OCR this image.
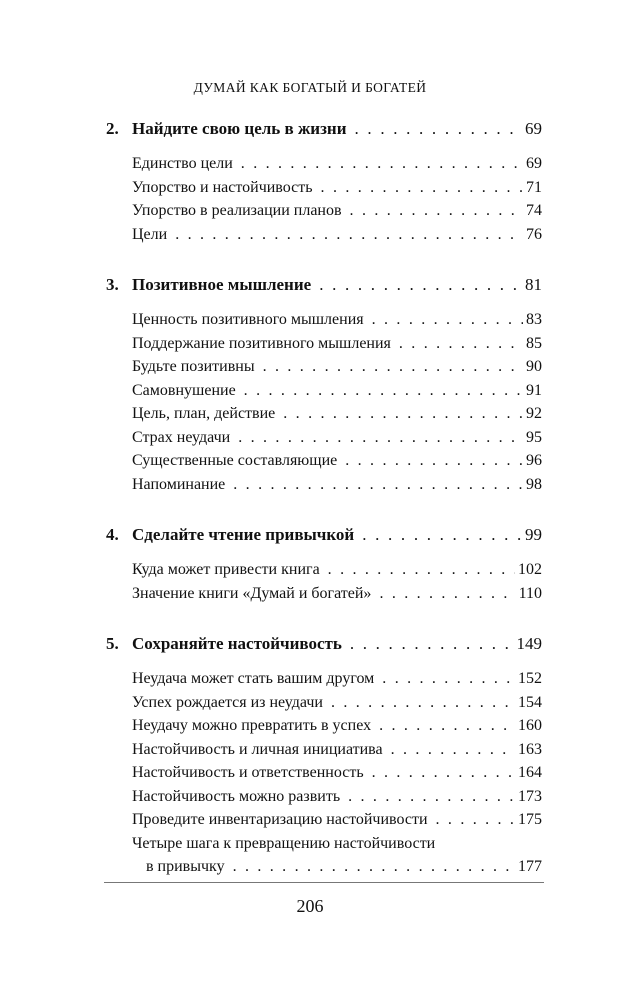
ДУМАЙ КАК БОГАТЫЙ И БОГАТЕЙ
2. Найдите свою цель в жизни . . .	69
Единство цели . . .	69
Упорство и настойчивость . . .	71
Упорство в реализации планов . . .	74
Цели . . .	76
3. Позитивное мышление . . .	81
Ценность позитивного мышления . . .	83
Поддержание позитивного мышления . . .	85
Будьте позитивны . . .	90
Самовнушение . . .	91
Цель, план, действие . . .	92
Страх неудачи . . .	95
Существенные составляющие . . .	96
Напоминание . . .	98
4. Сделайте чтение привычкой . . .	99
Куда может привести книга . . .	102
Значение книги «Думай и богатей» . . .	110
5. Сохраняйте настойчивость . . .	149
Неудача может стать вашим другом . . .	152
Успех рождается из неудачи . . .	154
Неудачу можно превратить в успех . . .	160
Настойчивость и личная инициатива . . .	163
Настойчивость и ответственность . . .	164
Настойчивость можно развить . . .	173
Проведите инвентаризацию настойчивости . . .	175
Четыре шага к превращению настойчивости
в привычку . . .	177
206
